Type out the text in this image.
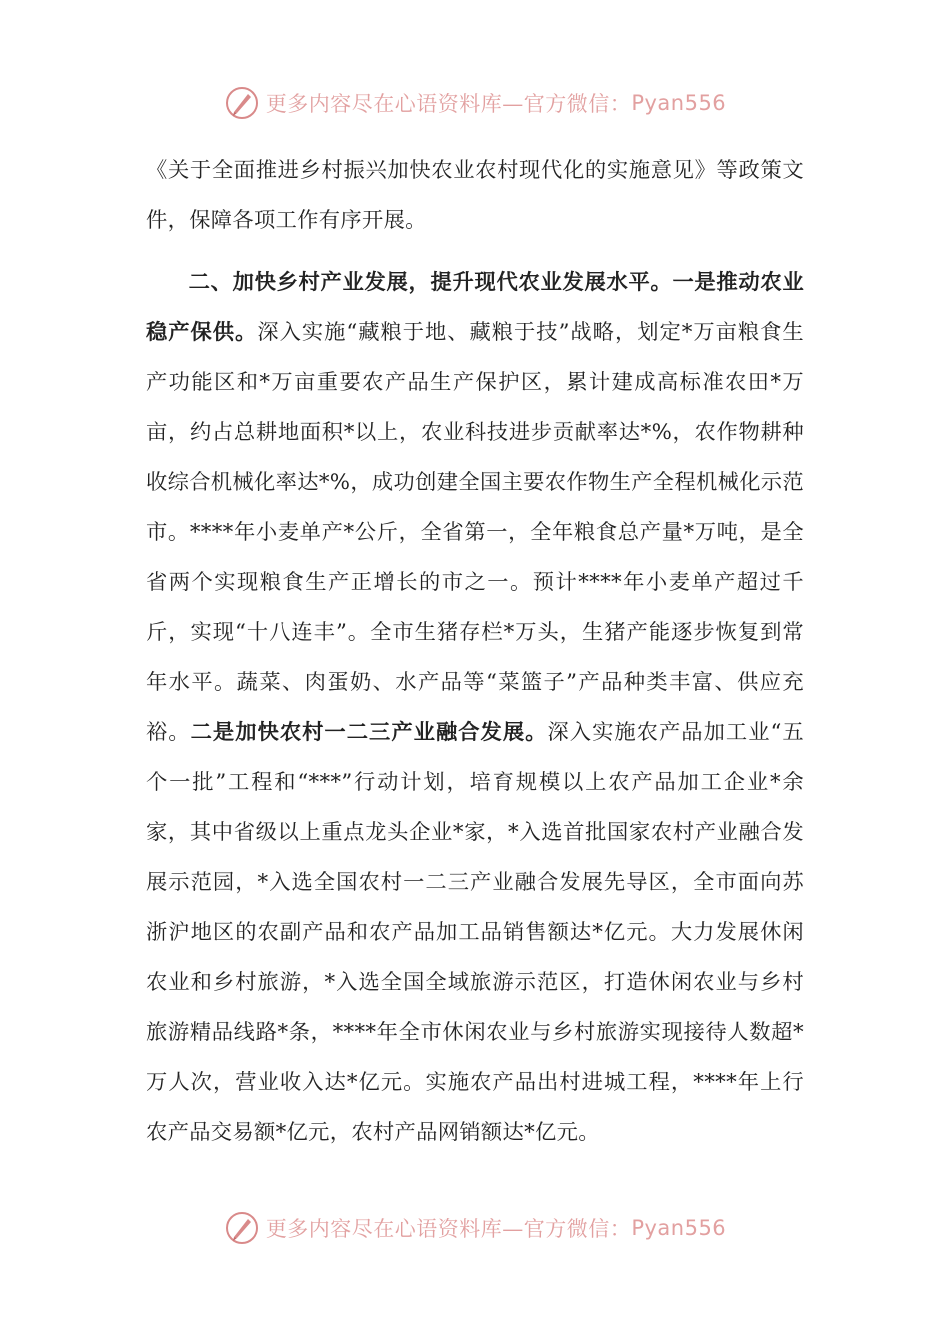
更多内容尽在心语资料库—官方微信： Pyan556

《关于全面推进乡村振兴加快农业农村现代化的实施意见》等政策文件，保障各项工作有序开展。

二、加快乡村产业发展，提升现代农业发展水平。一是推动农业稳产保供。深入实施“藏粮于地、藏粮于技”战略，划定*万亩粮食生产功能区和*万亩重要农产品生产保护区，累计建成高标准农田*万亩，约占总耕地面积*以上，农业科技进步贡献率达*%，农作物耕种收综合机械化率达*%，成功创建全国主要农作物生产全程机械化示范市。****年小麦单产*公斤，全省第一，全年粮食总产量*万吨，是全省两个实现粮食生产正增长的市之一。预计****年小麦单产超过千斤，实现“十八连丰”。全市生猪存栏*万头，生猪产能逐步恢复到常年水平。蔬菜、肉蛋奶、水产品等“菜篮子”产品种类丰富、供应充裕。二是加快农村一二三产业融合发展。深入实施农产品加工业“五个一批”工程和“***”行动计划，培育规模以上农产品加工企业*余家，其中省级以上重点龙头企业*家，*入选首批国家农村产业融合发展示范园，*入选全国农村一二三产业融合发展先导区，全市面向苏浙沪地区的农副产品和农产品加工品销售额达*亿元。大力发展休闲农业和乡村旅游，*入选全国全域旅游示范区，打造休闲农业与乡村旅游精品线路*条，****年全市休闲农业与乡村旅游实现接待人数超*万人次，营业收入达*亿元。实施农产品出村进城工程，****年上行农产品交易额*亿元，农村产品网销额达*亿元。

更多内容尽在心语资料库—官方微信： Pyan556
